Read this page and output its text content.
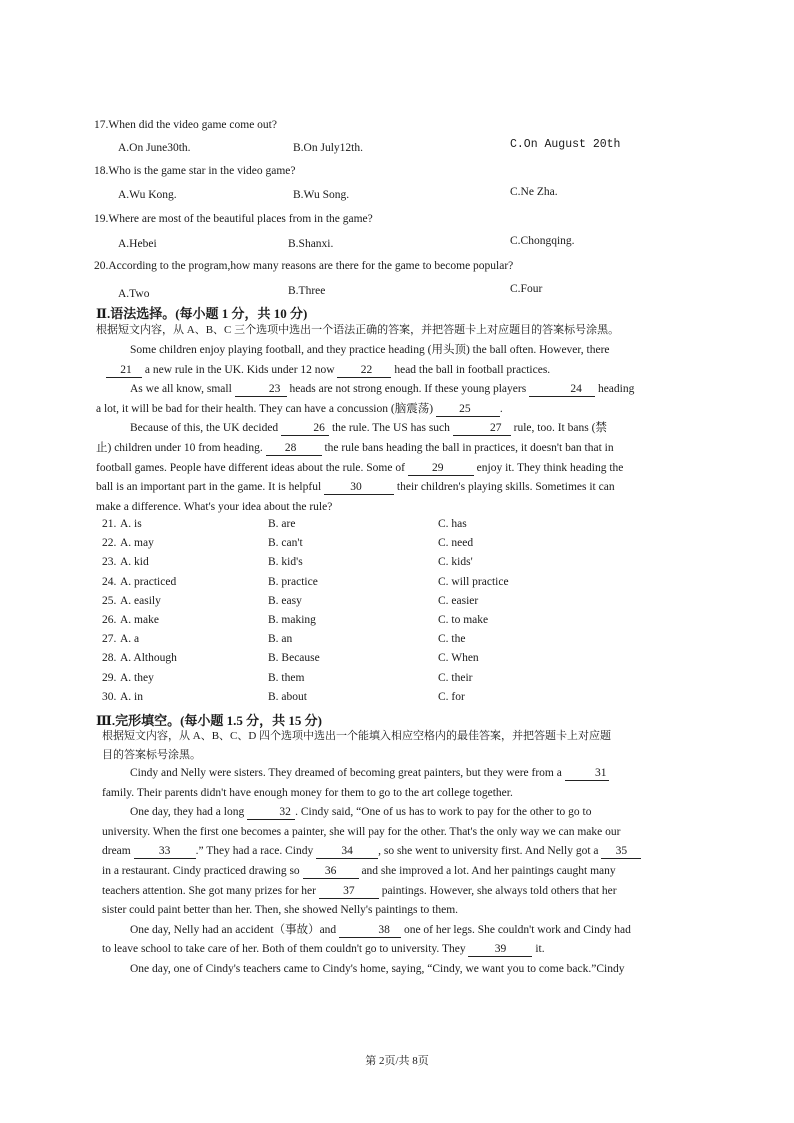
17.When did the video game come out?
A.On June30th.	B.On July12th.	C.On August 20th
18.Who is the game star in the video game?
A.Wu Kong.	B.Wu Song.	C.Ne Zha.
19.Where are most of the beautiful places from in the game?
A.Hebei	B.Shanxi.	C.Chongqing.
20.According to the program,how many reasons are there for the game to become popular?
A.Two	B.Three	C.Four
Ⅱ.语法选择。(每小题 1 分，共 10 分)
根据短文内容，从 A、B、C 三个选项中选出一个语法正确的答案，并把答题卡上对应题目的答案标号涂黑。

Some children enjoy playing football, and they practice heading (用头顶) the ball often. However, there

21 a new rule in the UK. Kids under 12 now 22 head the ball in football practices.

As we all know, small	23 heads are not strong enough. If these young players	24 heading

a lot, it will be bad for their health. They can have a concussion (脑震荡) 25	.

Because of this, the UK decided	26 the rule. The US has such	27 rule, too. It bans (禁

止) children under 10 from heading. 28 the rule bans heading the ball in practices, it doesn't ban that in

football games. People have different ideas about the rule. Some of 29	enjoy it. They think heading the

ball is an important part in the game. It is helpful	30	their children's playing skills. Sometimes it can

make a difference. What's your idea about the rule?

21. A. is	B. are	C. has
22. A. may	B. can't	C. need
23. A. kid	B. kid's	C. kids'
24. A. practiced	B. practice	C. will practice
25. A. easily	B. easy	C. easier
26. A. make	B. making	C. to make
27. A. a	B. an	C. the
28. A. Although	B. Because	C. When
29. A. they	B. them	C. their
30. A. in	B. about	C. for
Ⅲ.完形填空。(每小题 1.5 分，共 15 分)
根据短文内容，从 A、B、C、D 四个选项中选出一个能填入相应空格内的最佳答案，并把答题卡上对应题
目的答案标号涂黑。

Cindy and Nelly were sisters. They dreamed of becoming great painters, but they were from a	31

family. Their parents didn't have enough money for them to go to the art college together.

One day, they had a long	32 . Cindy said, “One of us has to work to pay for the other to go to

university. When the first one becomes a painter, she will pay for the other. That's the only way we can make our

dream 33 .” They had a race. Cindy 34 , so she went to university first. And Nelly got a 35

in a restaurant. Cindy practiced drawing so 36 and she improved a lot. And her paintings caught many

teachers attention. She got many prizes for her 37 paintings. However, she always told others that her

sister could paint better than her. Then, she showed Nelly's paintings to them.

One day, Nelly had an accident（事故）and	38 one of her legs. She couldn't work and Cindy had

to leave school to take care of her. Both of them couldn't go to university. They	39	it.

One day, one of Cindy's teachers came to Cindy's home, saying, “Cindy, we want you to come back.”Cindy

第 2页/共 8页
